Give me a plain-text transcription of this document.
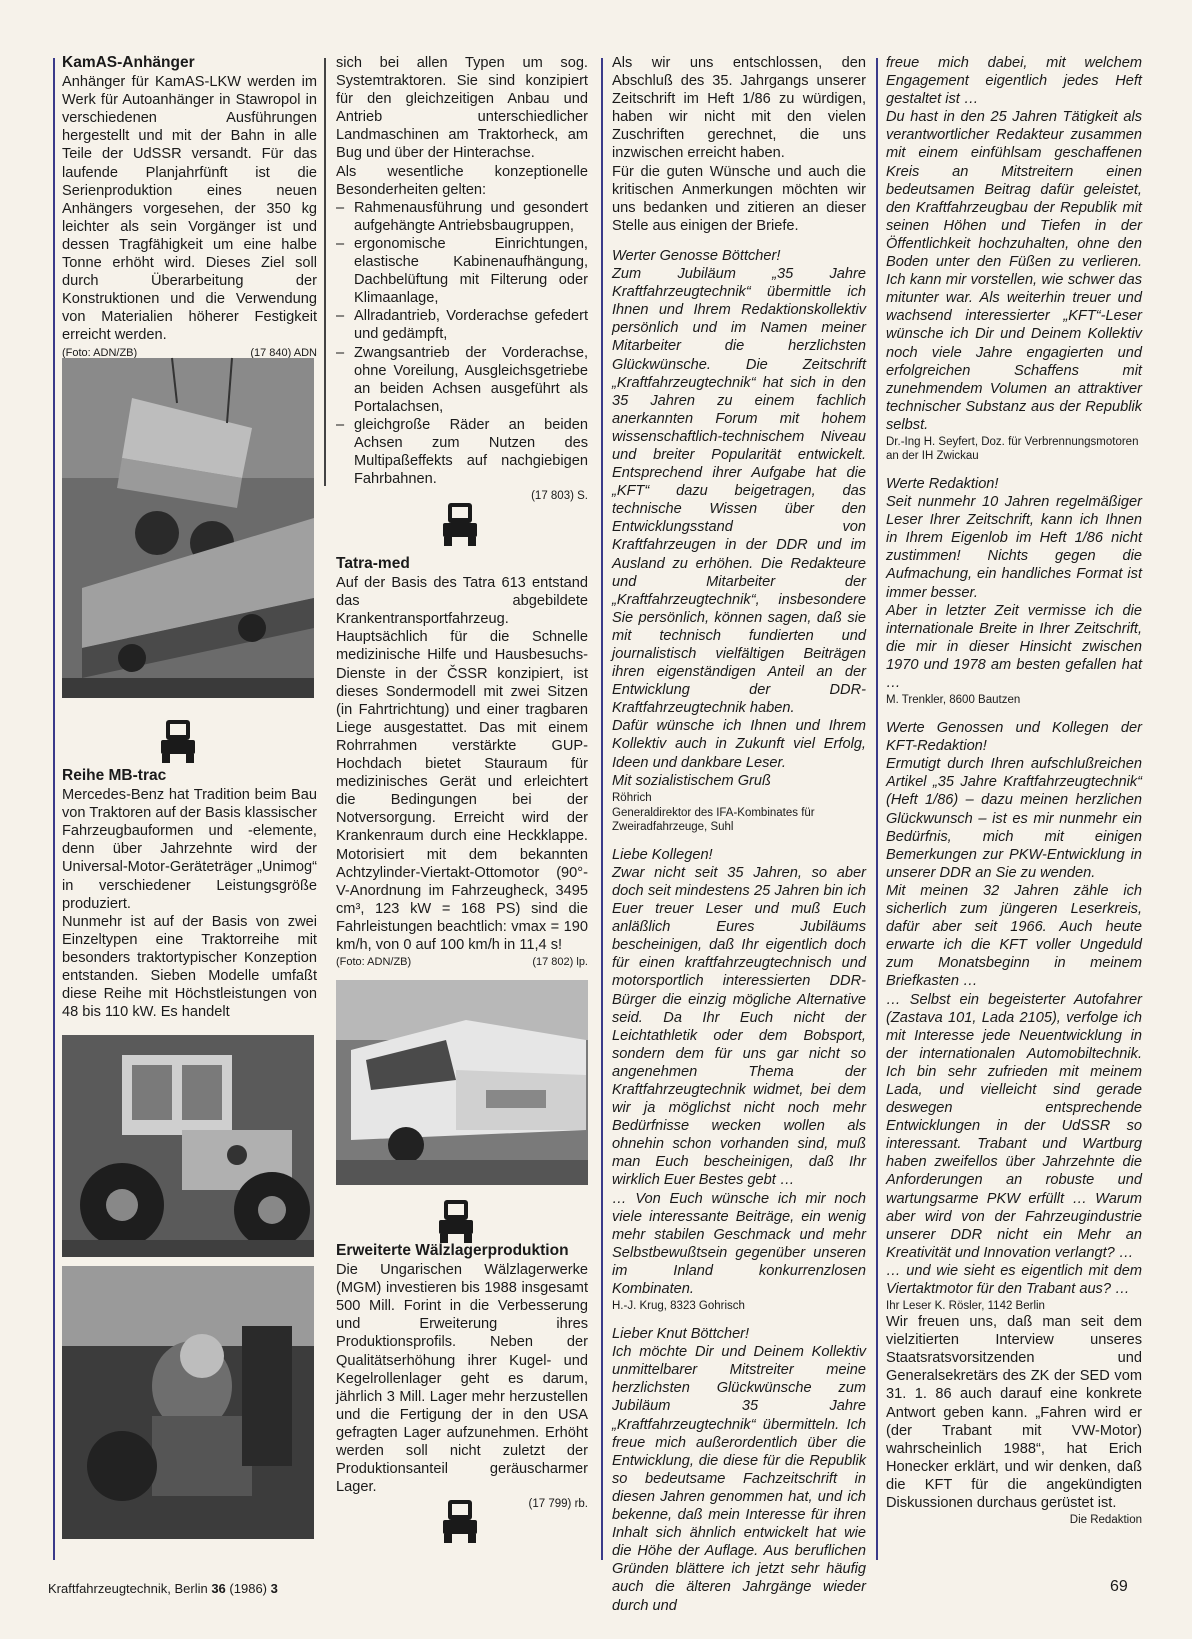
KamAS-Anhänger

Anhänger für KamAS-LKW werden im Werk für Autoanhänger in Stawropol in verschiedenen Ausführungen hergestellt und mit der Bahn in alle Teile der UdSSR versandt. Für das laufende Planjahrfünft ist die Serienproduktion eines neuen Anhängers vorgesehen, der 350 kg leichter als sein Vorgänger ist und dessen Tragfähigkeit um eine halbe Tonne erhöht wird. Dieses Ziel soll durch Überarbeitung der Konstruktionen und die Verwendung von Materialien höherer Festigkeit erreicht werden.

(Foto: ADN/ZB)	(17 840) ADN
Reihe MB-trac

Mercedes-Benz hat Tradition beim Bau von Traktoren auf der Basis klassischer Fahrzeugbauformen und -elemente, denn über Jahrzehnte wird der Universal-Motor-Geräteträger „Unimog“ in verschiedener Leistungsgröße produziert.

Nunmehr ist auf der Basis von zwei Einzeltypen eine Traktorreihe mit besonders traktortypischer Konzeption entstanden. Sieben Modelle umfaßt diese Reihe mit Höchstleistungen von 48 bis 110 kW. Es handelt

sich bei allen Typen um sog. Systemtraktoren. Sie sind konzipiert für den gleichzeitigen Anbau und Antrieb unterschiedlicher Landmaschinen am Traktorheck, am Bug und über der Hinterachse.

Als wesentliche konzeptionelle Besonderheiten gelten:

– Rahmenausführung und gesondert aufgehängte Antriebsbaugruppen,
– ergonomische Einrichtungen, elastische Kabinenaufhängung, Dachbelüftung mit Filterung oder Klimaanlage,
– Allradantrieb, Vorderachse gefedert und gedämpft,
– Zwangsantrieb der Vorderachse, ohne Voreilung, Ausgleichsgetriebe an beiden Achsen ausgeführt als Portalachsen,
– gleichgroße Räder an beiden Achsen zum Nutzen des Multipaßeffekts auf nachgiebigen Fahrbahnen.
(17 803) S.
Tatra-med

Auf der Basis des Tatra 613 entstand das abgebildete Krankentransportfahrzeug. Hauptsächlich für die Schnelle medizinische Hilfe und Hausbesuchs-Dienste in der ČSSR konzipiert, ist dieses Sondermodell mit zwei Sitzen (in Fahrtrichtung) und einer tragbaren Liege ausgestattet. Das mit einem Rohrrahmen verstärkte GUP-Hochdach bietet Stauraum für medizinisches Gerät und erleichtert die Bedingungen bei der Notversorgung. Erreicht wird der Krankenraum durch eine Heckklappe. Motorisiert mit dem bekannten Achtzylinder-Viertakt-Ottomotor (90°-V-Anordnung im Fahrzeugheck, 3495 cm³, 123 kW = 168 PS) sind die Fahrleistungen beachtlich: vmax = 190 km/h, von 0 auf 100 km/h in 11,4 s!

(Foto: ADN/ZB)	(17 802) lp.
Erweiterte Wälzlagerproduktion

Die Ungarischen Wälzlagerwerke (MGM) investieren bis 1988 insgesamt 500 Mill. Forint in die Verbesserung und Erweiterung ihres Produktionsprofils. Neben der Qualitätserhöhung ihrer Kugel- und Kegelrollenlager geht es darum, jährlich 3 Mill. Lager mehr herzustellen und die Fertigung der in den USA gefragten Lager aufzunehmen. Erhöht werden soll nicht zuletzt der Produktionsanteil geräuscharmer Lager.

(17 799) rb.

Als wir uns entschlossen, den Abschluß des 35. Jahrgangs unserer Zeitschrift im Heft 1/86 zu würdigen, haben wir nicht mit den vielen Zuschriften gerechnet, die uns inzwischen erreicht haben.

Für die guten Wünsche und auch die kritischen Anmerkungen möchten wir uns bedanken und zitieren an dieser Stelle aus einigen der Briefe.

Werter Genosse Böttcher!

Zum Jubiläum „35 Jahre Kraftfahrzeugtechnik“ übermittle ich Ihnen und Ihrem Redaktionskollektiv persönlich und im Namen meiner Mitarbeiter die herzlichsten Glückwünsche. Die Zeitschrift „Kraftfahrzeugtechnik“ hat sich in den 35 Jahren zu einem fachlich anerkannten Forum mit hohem wissenschaftlich-technischem Niveau und breiter Popularität entwickelt. Entsprechend ihrer Aufgabe hat die „KFT“ dazu beigetragen, das technische Wissen über den Entwicklungsstand von Kraftfahrzeugen in der DDR und im Ausland zu erhöhen. Die Redakteure und Mitarbeiter der „Kraftfahrzeugtechnik“, insbesondere Sie persönlich, können sagen, daß sie mit technisch fundierten und journalistisch vielfältigen Beiträgen ihren eigenständigen Anteil an der Entwicklung der DDR-Kraftfahrzeugtechnik haben.

Dafür wünsche ich Ihnen und Ihrem Kollektiv auch in Zukunft viel Erfolg, Ideen und dankbare Leser.

Mit sozialistischem Gruß

Röhrich
Generaldirektor des IFA-Kombinates für Zweiradfahrzeuge, Suhl

Liebe Kollegen!

Zwar nicht seit 35 Jahren, so aber doch seit mindestens 25 Jahren bin ich Euer treuer Leser und muß Euch anläßlich Eures Jubiläums bescheinigen, daß Ihr eigentlich doch für einen kraftfahrzeugtechnisch und motorsportlich interessierten DDR-Bürger die einzig mögliche Alternative seid. Da Ihr Euch nicht der Leichtathletik oder dem Bobsport, sondern dem für uns gar nicht so angenehmen Thema der Kraftfahrzeugtechnik widmet, bei dem wir ja möglichst nicht noch mehr Bedürfnisse wecken wollen als ohnehin schon vorhanden sind, muß man Euch bescheinigen, daß Ihr wirklich Euer Bestes gebt …

… Von Euch wünsche ich mir noch viele interessante Beiträge, ein wenig mehr stabilen Geschmack und mehr Selbstbewußtsein gegenüber unseren im Inland konkurrenzlosen Kombinaten.

H.-J. Krug, 8323 Gohrisch

Lieber Knut Böttcher!

Ich möchte Dir und Deinem Kollektiv unmittelbarer Mitstreiter meine herzlichsten Glückwünsche zum Jubiläum 35 Jahre „Kraftfahrzeugtechnik“ übermitteln. Ich freue mich außerordentlich über die Entwicklung, die diese für die Republik so bedeutsame Fachzeitschrift in diesen Jahren genommen hat, und ich bekenne, daß mein Interesse für ihren Inhalt sich ähnlich entwickelt hat wie die Höhe der Auflage. Aus beruflichen Gründen blättere ich jetzt sehr häufig auch die älteren Jahrgänge wieder durch und

freue mich dabei, mit welchem Engagement eigentlich jedes Heft gestaltet ist …

Du hast in den 25 Jahren Tätigkeit als verantwortlicher Redakteur zusammen mit einem einfühlsam geschaffenen Kreis an Mitstreitern einen bedeutsamen Beitrag dafür geleistet, den Kraftfahrzeugbau der Republik mit seinen Höhen und Tiefen in der Öffentlichkeit hochzuhalten, ohne den Boden unter den Füßen zu verlieren. Ich kann mir vorstellen, wie schwer das mitunter war. Als weiterhin treuer und wachsend interessierter „KFT“-Leser wünsche ich Dir und Deinem Kollektiv noch viele Jahre engagierten und erfolgreichen Schaffens mit zunehmendem Volumen an attraktiver technischer Substanz aus der Republik selbst.

Dr.-Ing H. Seyfert, Doz. für Verbrennungsmotoren an der IH Zwickau

Werte Redaktion!

Seit nunmehr 10 Jahren regelmäßiger Leser Ihrer Zeitschrift, kann ich Ihnen in Ihrem Eigenlob im Heft 1/86 nicht zustimmen! Nichts gegen die Aufmachung, ein handliches Format ist immer besser.

Aber in letzter Zeit vermisse ich die internationale Breite in Ihrer Zeitschrift, die mir in dieser Hinsicht zwischen 1970 und 1978 am besten gefallen hat …

M. Trenkler, 8600 Bautzen

Werte Genossen und Kollegen der KFT-Redaktion!

Ermutigt durch Ihren aufschlußreichen Artikel „35 Jahre Kraftfahrzeugtechnik“ (Heft 1/86) – dazu meinen herzlichen Glückwunsch – ist es mir nunmehr ein Bedürfnis, mich mit einigen Bemerkungen zur PKW-Entwicklung in unserer DDR an Sie zu wenden.

Mit meinen 32 Jahren zähle ich sicherlich zum jüngeren Leserkreis, dafür aber seit 1966. Auch heute erwarte ich die KFT voller Ungeduld zum Monatsbeginn in meinem Briefkasten …

… Selbst ein begeisterter Autofahrer (Zastava 101, Lada 2105), verfolge ich mit Interesse jede Neuentwicklung in der internationalen Automobiltechnik. Ich bin sehr zufrieden mit meinem Lada, und vielleicht sind gerade deswegen entsprechende Entwicklungen in der UdSSR so interessant. Trabant und Wartburg haben zweifellos über Jahrzehnte die Anforderungen an robuste und wartungsarme PKW erfüllt … Warum aber wird von der Fahrzeugindustrie unserer DDR nicht ein Mehr an Kreativität und Innovation verlangt? …

… und wie sieht es eigentlich mit dem Viertaktmotor für den Trabant aus? …

Ihr Leser K. Rösler, 1142 Berlin

Wir freuen uns, daß man seit dem vielzitierten Interview unseres Staatsratsvorsitzenden und Generalsekretärs des ZK der SED vom 31. 1. 86 auch darauf eine konkrete Antwort geben kann. „Fahren wird er (der Trabant mit VW-Motor) wahrscheinlich 1988“, hat Erich Honecker erklärt, und wir denken, daß die KFT für die angekündigten Diskussionen durchaus gerüstet ist.

Die Redaktion
Kraftfahrzeugtechnik, Berlin 36 (1986) 3	69
